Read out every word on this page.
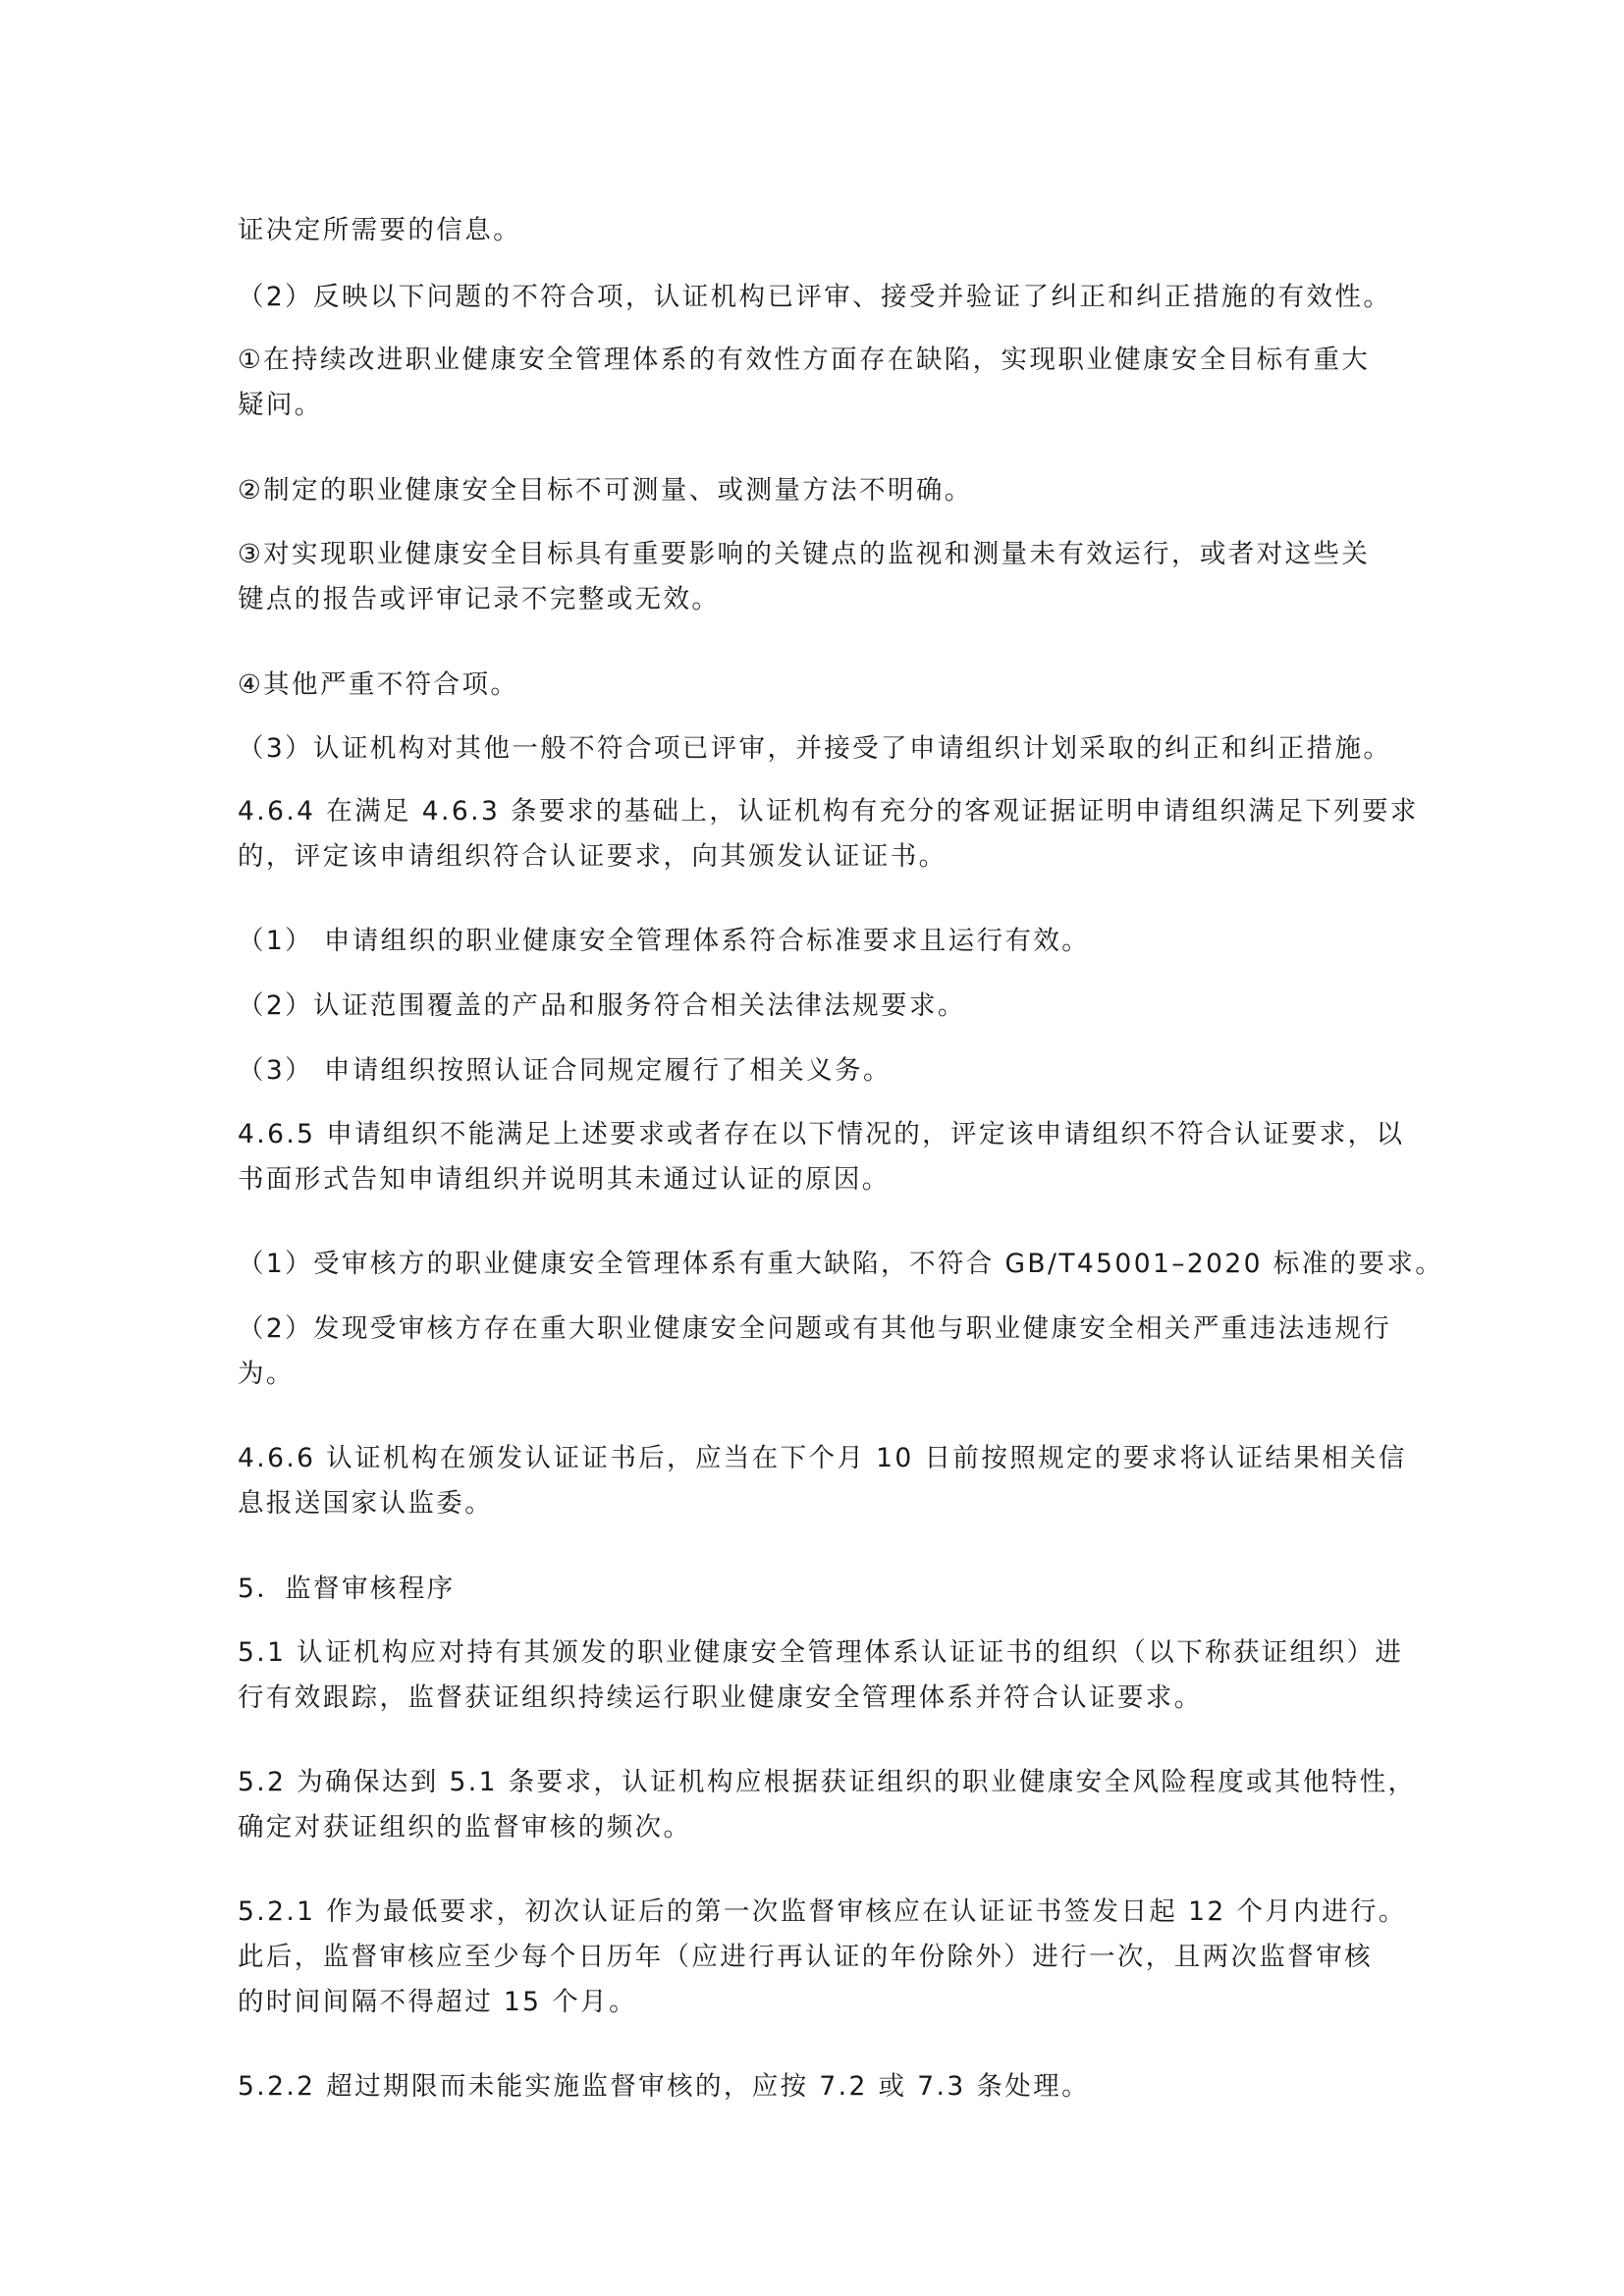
证决定所需要的信息。
（2）反映以下问题的不符合项，认证机构已评审、接受并验证了纠正和纠正措施的有效性。
①在持续改进职业健康安全管理体系的有效性方面存在缺陷，实现职业健康安全目标有重大
疑问。
②制定的职业健康安全目标不可测量、或测量方法不明确。
③对实现职业健康安全目标具有重要影响的关键点的监视和测量未有效运行，或者对这些关
键点的报告或评审记录不完整或无效。
④其他严重不符合项。
（3）认证机构对其他一般不符合项已评审，并接受了申请组织计划采取的纠正和纠正措施。
4.6.4 在满足 4.6.3 条要求的基础上，认证机构有充分的客观证据证明申请组织满足下列要求
的，评定该申请组织符合认证要求，向其颁发认证证书。
（1） 申请组织的职业健康安全管理体系符合标准要求且运行有效。
（2）认证范围覆盖的产品和服务符合相关法律法规要求。
（3） 申请组织按照认证合同规定履行了相关义务。
4.6.5 申请组织不能满足上述要求或者存在以下情况的，评定该申请组织不符合认证要求，以
书面形式告知申请组织并说明其未通过认证的原因。
（1）受审核方的职业健康安全管理体系有重大缺陷，不符合 GB/T45001–2020 标准的要求。
（2）发现受审核方存在重大职业健康安全问题或有其他与职业健康安全相关严重违法违规行
为。
4.6.6 认证机构在颁发认证证书后，应当在下个月 10 日前按照规定的要求将认证结果相关信
息报送国家认监委。
5．监督审核程序
5.1 认证机构应对持有其颁发的职业健康安全管理体系认证证书的组织（以下称获证组织）进
行有效跟踪，监督获证组织持续运行职业健康安全管理体系并符合认证要求。
5.2 为确保达到 5.1 条要求，认证机构应根据获证组织的职业健康安全风险程度或其他特性，
确定对获证组织的监督审核的频次。
5.2.1 作为最低要求，初次认证后的第一次监督审核应在认证证书签发日起 12 个月内进行。
此后，监督审核应至少每个日历年（应进行再认证的年份除外）进行一次，且两次监督审核
的时间间隔不得超过 15 个月。
5.2.2 超过期限而未能实施监督审核的，应按 7.2 或 7.3 条处理。
